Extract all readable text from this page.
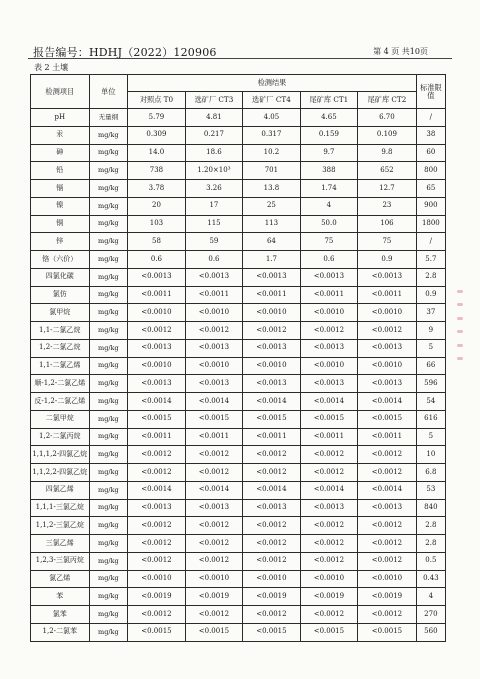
报告编号：HDHJ（2022）120906	第 4 页 共10页
表 2 土壤
检测项目	单位	检测结果					标准限值
		对照点 T0	选矿厂 CT3	选矿厂 CT4	尾矿库 CT1	尾矿库 CT2	
pH	无量纲	5.79	4.81	4.05	4.65	6.70	/
汞	mg/kg	0.309	0.217	0.317	0.159	0.109	38
砷	mg/kg	14.0	18.6	10.2	9.7	9.8	60
铅	mg/kg	738	1.20×10³	701	388	652	800
镉	mg/kg	3.78	3.26	13.8	1.74	12.7	65
镍	mg/kg	20	17	25	4	23	900
铜	mg/kg	103	115	113	50.0	106	1800
锌	mg/kg	58	59	64	75	75	/
铬（六价）	mg/kg	0.6	0.6	1.7	0.6	0.9	5.7
四氯化碳	mg/kg	<0.0013	<0.0013	<0.0013	<0.0013	<0.0013	2.8
氯仿	mg/kg	<0.0011	<0.0011	<0.0011	<0.0011	<0.0011	0.9
氯甲烷	mg/kg	<0.0010	<0.0010	<0.0010	<0.0010	<0.0010	37
1,1-二氯乙烷	mg/kg	<0.0012	<0.0012	<0.0012	<0.0012	<0.0012	9
1,2-二氯乙烷	mg/kg	<0.0013	<0.0013	<0.0013	<0.0013	<0.0013	5
1,1-二氯乙烯	mg/kg	<0.0010	<0.0010	<0.0010	<0.0010	<0.0010	66
顺-1,2-二氯乙烯	mg/kg	<0.0013	<0.0013	<0.0013	<0.0013	<0.0013	596
反-1,2-二氯乙烯	mg/kg	<0.0014	<0.0014	<0.0014	<0.0014	<0.0014	54
二氯甲烷	mg/kg	<0.0015	<0.0015	<0.0015	<0.0015	<0.0015	616
1,2-二氯丙烷	mg/kg	<0.0011	<0.0011	<0.0011	<0.0011	<0.0011	5
1,1,1,2-四氯乙烷	mg/kg	<0.0012	<0.0012	<0.0012	<0.0012	<0.0012	10
1,1,2,2-四氯乙烷	mg/kg	<0.0012	<0.0012	<0.0012	<0.0012	<0.0012	6.8
四氯乙烯	mg/kg	<0.0014	<0.0014	<0.0014	<0.0014	<0.0014	53
1,1,1-三氯乙烷	mg/kg	<0.0013	<0.0013	<0.0013	<0.0013	<0.0013	840
1,1,2-三氯乙烷	mg/kg	<0.0012	<0.0012	<0.0012	<0.0012	<0.0012	2.8
三氯乙烯	mg/kg	<0.0012	<0.0012	<0.0012	<0.0012	<0.0012	2.8
1,2,3-三氯丙烷	mg/kg	<0.0012	<0.0012	<0.0012	<0.0012	<0.0012	0.5
氯乙烯	mg/kg	<0.0010	<0.0010	<0.0010	<0.0010	<0.0010	0.43
苯	mg/kg	<0.0019	<0.0019	<0.0019	<0.0019	<0.0019	4
氯苯	mg/kg	<0.0012	<0.0012	<0.0012	<0.0012	<0.0012	270
1,2-二氯苯	mg/kg	<0.0015	<0.0015	<0.0015	<0.0015	<0.0015	560
